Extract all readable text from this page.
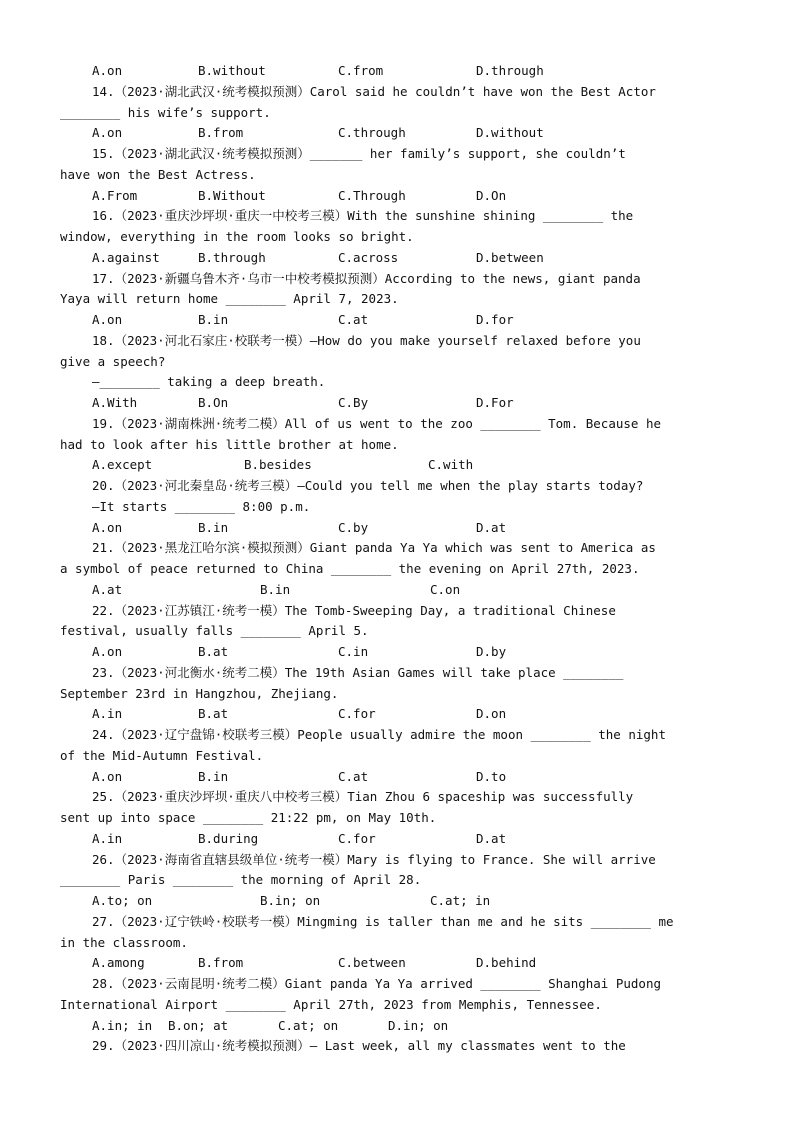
A.on	B.without	C.from	D.through
14.（2023·湖北武汉·统考模拟预测）Carol said he couldn’t have won the Best Actor
________ his wife’s support.
A.on	B.from	C.through	D.without
15.（2023·湖北武汉·统考模拟预测）_______ her family’s support, she couldn’t
have won the Best Actress.
A.From	B.Without	C.Through	D.On
16.（2023·重庆沙坪坝·重庆一中校考三模）With the sunshine shining ________ the
window, everything in the room looks so bright.
A.against	B.through	C.across	D.between
17.（2023·新疆乌鲁木齐·乌市一中校考模拟预测）According to the news, giant panda
Yaya will return home ________ April 7, 2023.
A.on	B.in	C.at	D.for
18.（2023·河北石家庄·校联考一模）—How do you make yourself relaxed before you
give a speech?
—________ taking a deep breath.
A.With	B.On	C.By	D.For
19.（2023·湖南株洲·统考二模）All of us went to the zoo ________ Tom. Because he
had to look after his little brother at home.
A.except	B.besides	C.with
20.（2023·河北秦皇岛·统考三模）—Could you tell me when the play starts today?
—It starts ________ 8:00 p.m.
A.on	B.in	C.by	D.at
21.（2023·黑龙江哈尔滨·模拟预测）Giant panda Ya Ya which was sent to America as
a symbol of peace returned to China ________ the evening on April 27th, 2023.
A.at	B.in	C.on
22.（2023·江苏镇江·统考一模）The Tomb-Sweeping Day, a traditional Chinese
festival, usually falls ________ April 5.
A.on	B.at	C.in	D.by
23.（2023·河北衡水·统考二模）The 19th Asian Games will take place ________
September 23rd in Hangzhou, Zhejiang.
A.in	B.at	C.for	D.on
24.（2023·辽宁盘锦·校联考三模）People usually admire the moon ________ the night
of the Mid-Autumn Festival.
A.on	B.in	C.at	D.to
25.（2023·重庆沙坪坝·重庆八中校考三模）Tian Zhou 6 spaceship was successfully
sent up into space ________ 21:22 pm, on May 10th.
A.in	B.during	C.for	D.at
26.（2023·海南省直辖县级单位·统考一模）Mary is flying to France. She will arrive
________ Paris ________ the morning of April 28.
A.to; on	B.in; on	C.at; in
27.（2023·辽宁铁岭·校联考一模）Mingming is taller than me and he sits ________ me
in the classroom.
A.among	B.from	C.between	D.behind
28.（2023·云南昆明·统考二模）Giant panda Ya Ya arrived ________ Shanghai Pudong
International Airport ________ April 27th, 2023 from Memphis, Tennessee.
A.in; in	B.on; at	C.at; on	D.in; on
29.（2023·四川凉山·统考模拟预测）— Last week, all my classmates went to the
